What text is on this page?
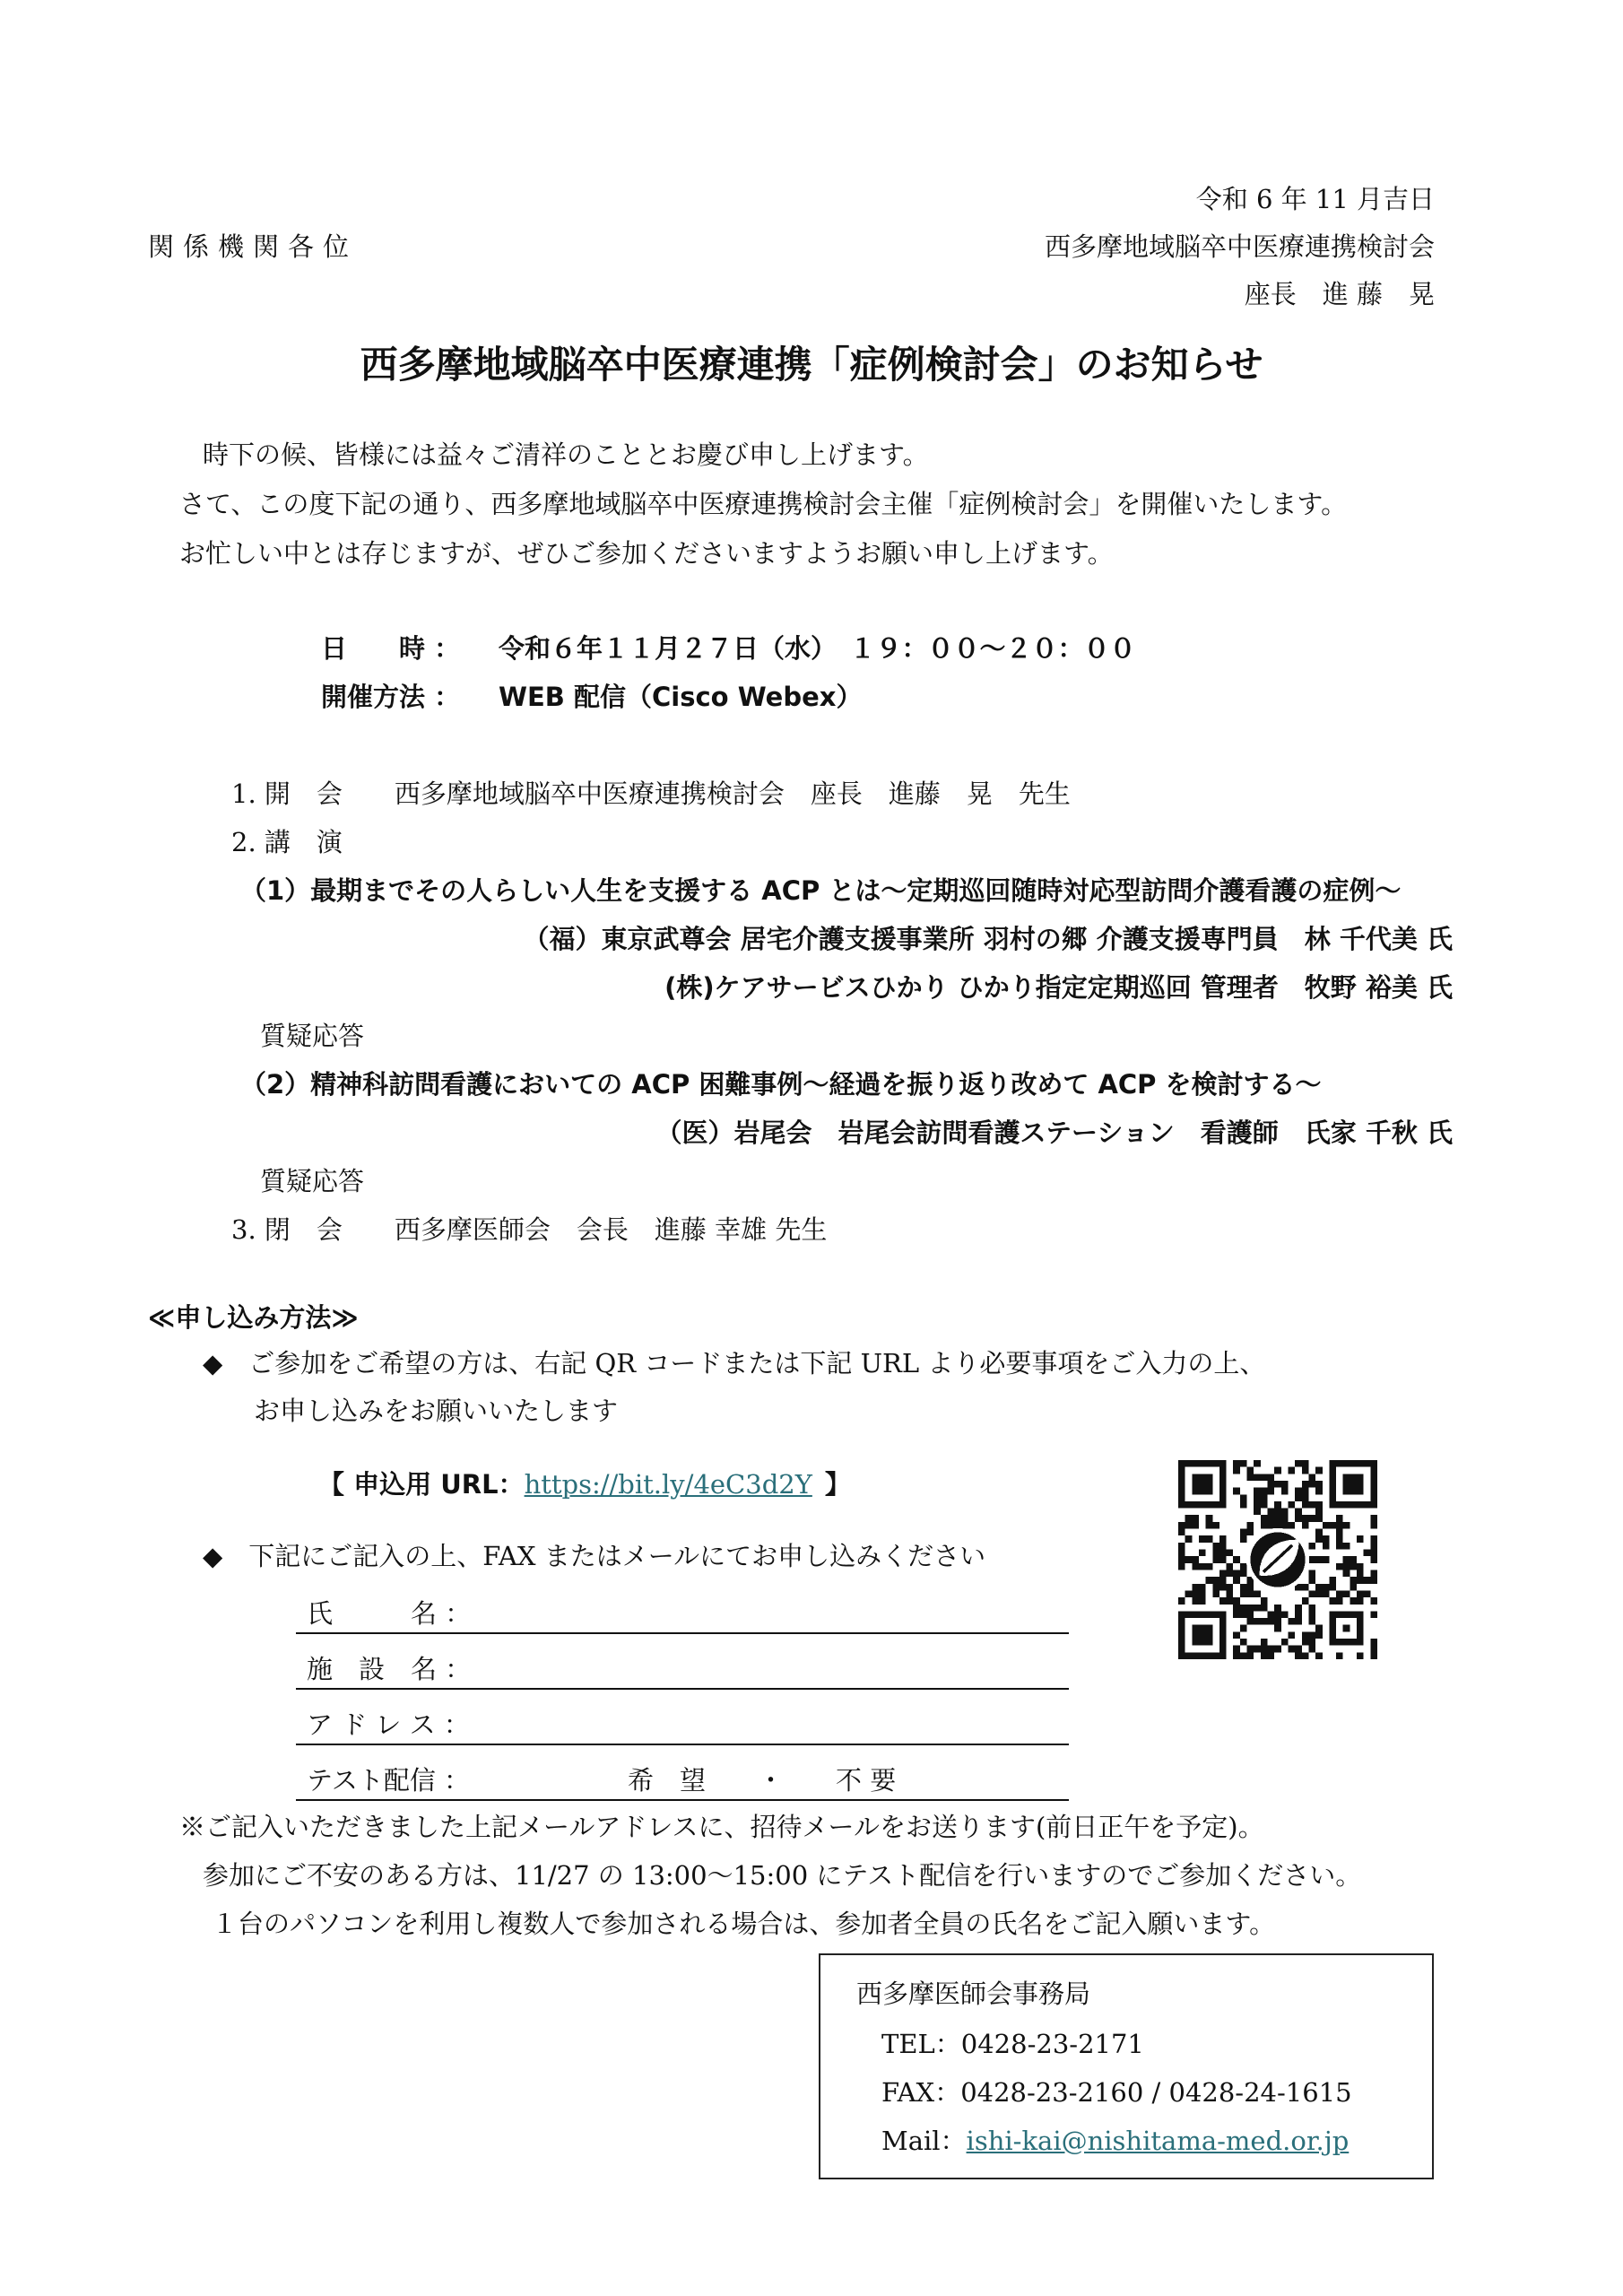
令和 6 年 11 月吉日
関係機関各位	西多摩地域脳卒中医療連携検討会
座長　進 藤　晃
西多摩地域脳卒中医療連携「症例検討会」のお知らせ
時下の候、皆様には益々ご清祥のこととお慶び申し上げます。
さて、この度下記の通り、西多摩地域脳卒中医療連携検討会主催「症例検討会」を開催いたします。
お忙しい中とは存じますが、ぜひご参加くださいますようお願い申し上げます。
日　　時 ： 令和６年１１月２７日（水）　１９：００～２０：００
開催方法 ： WEB 配信（Cisco Webex）
1. 開　会　　西多摩地域脳卒中医療連携検討会　座長　進藤　晃　先生
2. 講　演
（1）最期までその人らしい人生を支援する ACP とは～定期巡回随時対応型訪問介護看護の症例～
（福）東京武尊会 居宅介護支援事業所 羽村の郷 介護支援専門員　林 千代美 氏
(株)ケアサービスひかり ひかり指定定期巡回 管理者　牧野 裕美 氏
質疑応答
（2）精神科訪問看護においての ACP 困難事例～経過を振り返り改めて ACP を検討する～
（医）岩尾会　岩尾会訪問看護ステーション　看護師　氏家 千秋 氏
質疑応答
3. 閉　会　　西多摩医師会　会長　進藤 幸雄 先生
≪申し込み方法≫
◆　ご参加をご希望の方は、右記 QR コードまたは下記 URL より必要事項をご入力の上、
お申し込みをお願いいたします
【 申込用 URL：https://bit.ly/4eC3d2Y 】
◆　下記にご記入の上、FAX またはメールにてお申し込みください
氏　　　名 ：
施　設　名 ：
ア ド レ ス ：
テスト配信 ：	希　望　　・　　不 要
※ご記入いただきました上記メールアドレスに、招待メールをお送ります(前日正午を予定)。
参加にご不安のある方は、11/27 の 13:00～15:00 にテスト配信を行いますのでご参加ください。
１台のパソコンを利用し複数人で参加される場合は、参加者全員の氏名をご記入願います。
西多摩医師会事務局
TEL：0428-23-2171
FAX：0428-23-2160 / 0428-24-1615
Mail：ishi-kai@nishitama-med.or.jp
